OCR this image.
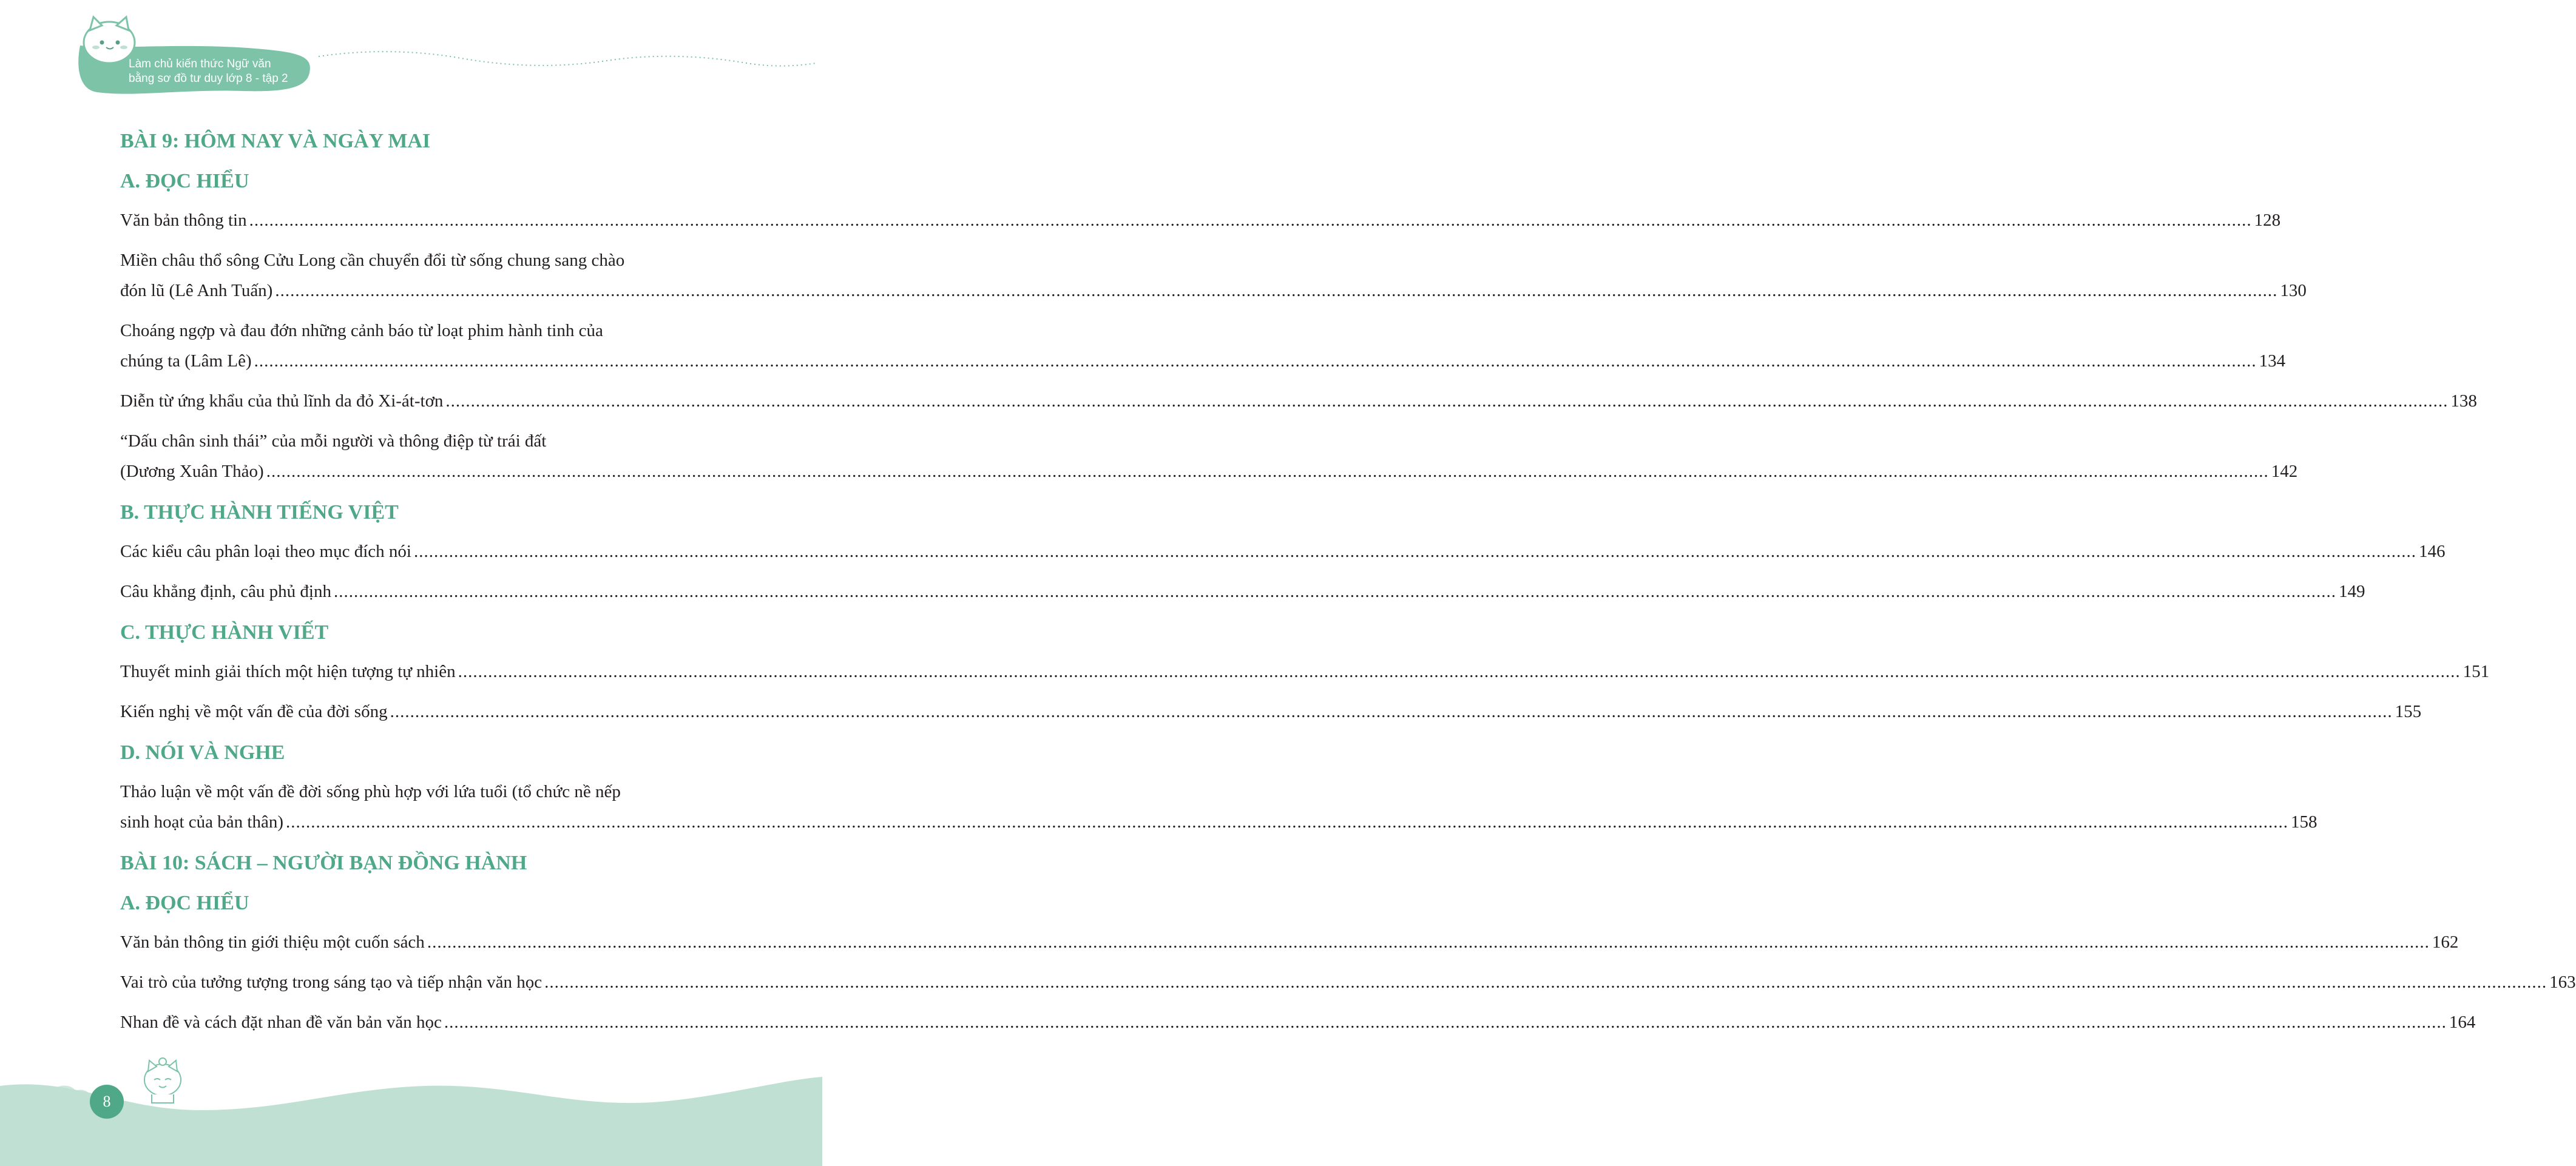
Làm chủ kiến thức Ngữ văn
bằng sơ đồ tư duy lớp 8 - tập 2
BÀI 9: HÔM NAY VÀ NGÀY MAI
A. ĐỌC HIỂU
Văn bản thông tin ................................................................................................................................................................................................................................................................................................................................................................................................................ 128
Miền châu thổ sông Cửu Long cần chuyển đổi từ sống chung sang chào
đón lũ (Lê Anh Tuấn) ................................................................................................................................................................................................................................................................................................................................................................................................................ 130
Choáng ngợp và đau đớn những cảnh báo từ loạt phim hành tinh của
chúng ta (Lâm Lê) ................................................................................................................................................................................................................................................................................................................................................................................................................ 134
Diễn từ ứng khẩu của thủ lĩnh da đỏ Xi-át-tơn ................................................................................................................................................................................................................................................................................................................................................................................................................ 138
“Dấu chân sinh thái” của mỗi người và thông điệp từ trái đất
(Dương Xuân Thảo) ................................................................................................................................................................................................................................................................................................................................................................................................................ 142
B. THỰC HÀNH TIẾNG VIỆT
Các kiểu câu phân loại theo mục đích nói ................................................................................................................................................................................................................................................................................................................................................................................................................ 146
Câu khẳng định, câu phủ định ................................................................................................................................................................................................................................................................................................................................................................................................................ 149
C. THỰC HÀNH VIẾT
Thuyết minh giải thích một hiện tượng tự nhiên ................................................................................................................................................................................................................................................................................................................................................................................................................ 151
Kiến nghị về một vấn đề của đời sống ................................................................................................................................................................................................................................................................................................................................................................................................................ 155
D. NÓI VÀ NGHE
Thảo luận về một vấn đề đời sống phù hợp với lứa tuổi (tổ chức nề nếp
sinh hoạt của bản thân) ................................................................................................................................................................................................................................................................................................................................................................................................................ 158
BÀI 10: SÁCH – NGƯỜI BẠN ĐỒNG HÀNH
A. ĐỌC HIỂU
Văn bản thông tin giới thiệu một cuốn sách ................................................................................................................................................................................................................................................................................................................................................................................................................ 162
Vai trò của tưởng tượng trong sáng tạo và tiếp nhận văn học ................................................................................................................................................................................................................................................................................................................................................................................................................ 163
Nhan đề và cách đặt nhan đề văn bản văn học ................................................................................................................................................................................................................................................................................................................................................................................................................ 164
8
